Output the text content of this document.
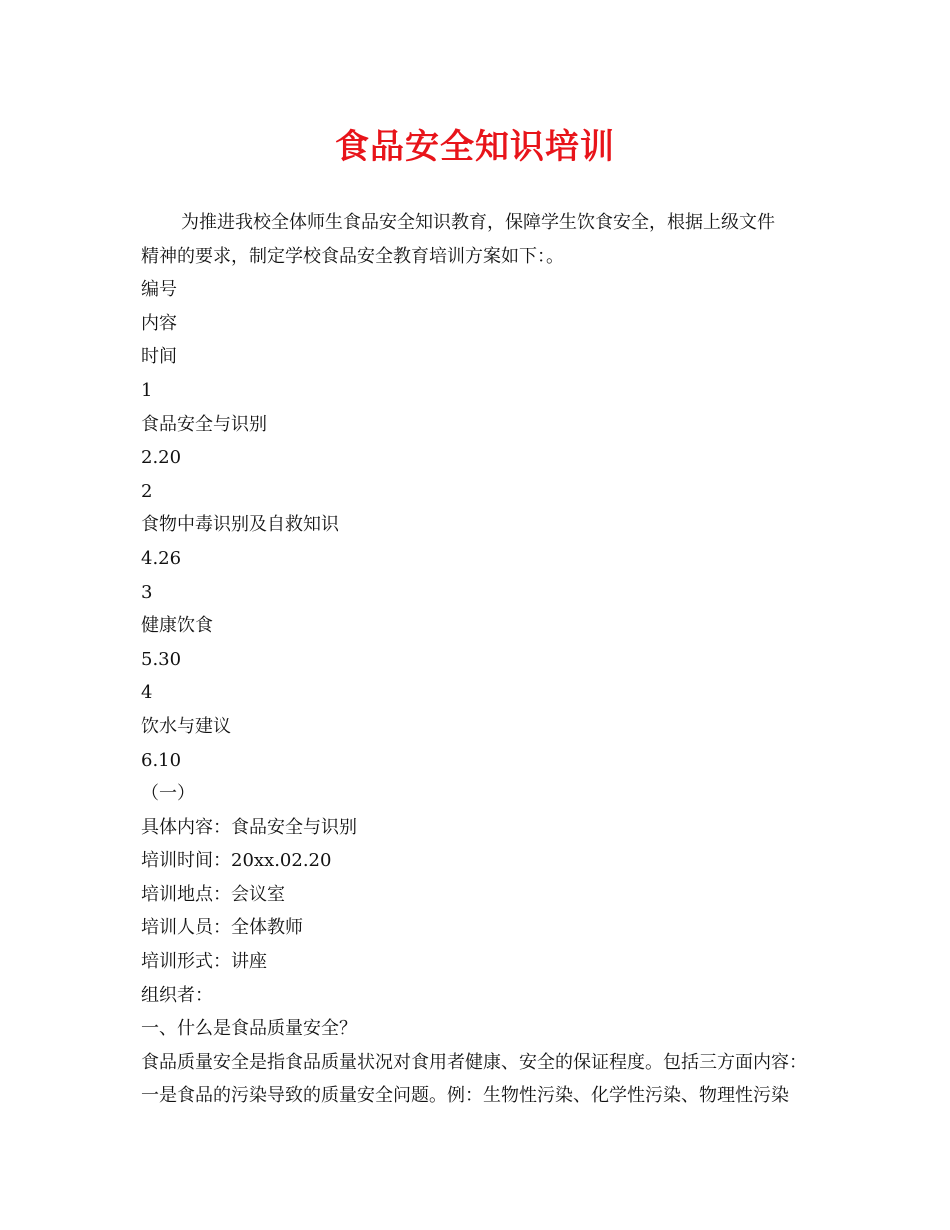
食品安全知识培训

为推进我校全体师生食品安全知识教育，保障学生饮食安全，根据上级文件

精神的要求，制定学校食品安全教育培训方案如下：。

编号

内容

时间

1

食品安全与识别

2.20

2

食物中毒识别及自救知识

4.26

3

健康饮食

5.30

4

饮水与建议

6.10

（一）

具体内容：食品安全与识别

培训时间：20xx.02.20

培训地点：会议室

培训人员：全体教师

培训形式：讲座

组织者：

一、什么是食品质量安全？

食品质量安全是指食品质量状况对食用者健康、安全的保证程度。包括三方面内容：

一是食品的污染导致的质量安全问题。例：生物性污染、化学性污染、物理性污染
